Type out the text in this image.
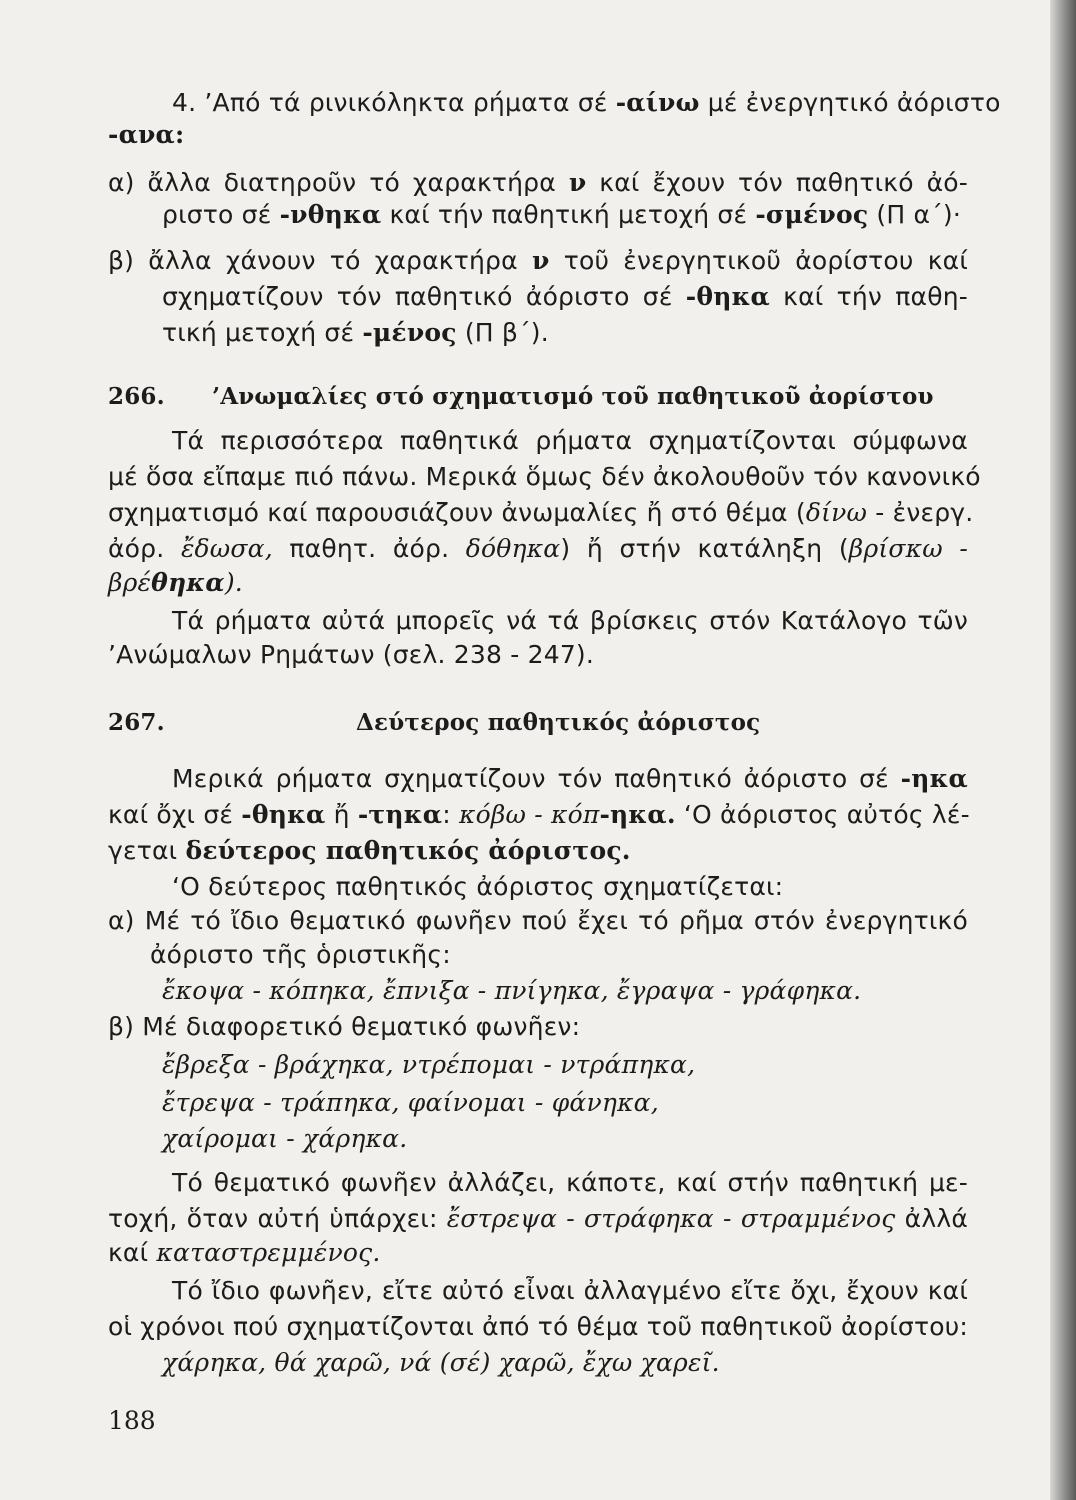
4. ’Από τά ρινικόληκτα ρήματα σέ -αίνω μέ ἐνεργητικό ἀόριστο
-ανα:
α) ἄλλα διατηροῦν τό χαρακτήρα ν καί ἔχουν τόν παθητικό ἀό-
ριστο σέ -νθηκα καί τήν παθητική μετοχή σέ -σμένος (Π α΄)·
β) ἄλλα χάνουν τό χαρακτήρα ν τοῦ ἐνεργητικοῦ ἀορίστου καί
σχηματίζουν τόν παθητικό ἀόριστο σέ -θηκα καί τήν παθη-
τική μετοχή σέ -μένος (Π β΄).
266. ’Ανωμαλίες στό σχηματισμό τοῦ παθητικοῦ ἀορίστου
Τά περισσότερα παθητικά ρήματα σχηματίζονται σύμφωνα
μέ ὅσα εἴπαμε πιό πάνω. Μερικά ὅμως δέν ἀκολουθοῦν τόν κανονικό
σχηματισμό καί παρουσιάζουν ἀνωμαλίες ἤ στό θέμα (δίνω - ἐνεργ.
ἀόρ. ἔδωσα, παθητ. ἀόρ. δόθηκα) ἤ στήν κατάληξη (βρίσκω -
βρέθηκα).
Τά ρήματα αὐτά μπορεῖς νά τά βρίσκεις στόν Κατάλογο τῶν
’Ανώμαλων Ρημάτων (σελ. 238 - 247).
267.	Δεύτερος παθητικός ἀόριστος
Μερικά ρήματα σχηματίζουν τόν παθητικό ἀόριστο σέ -ηκα
καί ὄχι σέ -θηκα ἤ -τηκα: κόβω - κόπ-ηκα. ‘Ο ἀόριστος αὐτός λέ-
γεται δεύτερος παθητικός ἀόριστος.
‘Ο δεύτερος παθητικός ἀόριστος σχηματίζεται:
α) Μέ τό ἴδιο θεματικό φωνῆεν πού ἔχει τό ρῆμα στόν ἐνεργητικό
ἀόριστο τῆς ὁριστικῆς:
ἔκοψα - κόπηκα, ἔπνιξα - πνίγηκα, ἔγραψα - γράφηκα.
β) Μέ διαφορετικό θεματικό φωνῆεν:
ἔβρεξα - βράχηκα, ντρέπομαι - ντράπηκα,
ἔτρεψα - τράπηκα, φαίνομαι - φάνηκα,
χαίρομαι - χάρηκα.
Τό θεματικό φωνῆεν ἀλλάζει, κάποτε, καί στήν παθητική με-
τοχή, ὅταν αὐτή ὑπάρχει: ἔστρεψα - στράφηκα - στραμμένος ἀλλά
καί καταστρεμμένος.
Τό ἴδιο φωνῆεν, εἴτε αὐτό εἶναι ἀλλαγμένο εἴτε ὄχι, ἔχουν καί
οἱ χρόνοι πού σχηματίζονται ἀπό τό θέμα τοῦ παθητικοῦ ἀορίστου:
χάρηκα, θά χαρῶ, νά (σέ) χαρῶ, ἔχω χαρεῖ.
188
